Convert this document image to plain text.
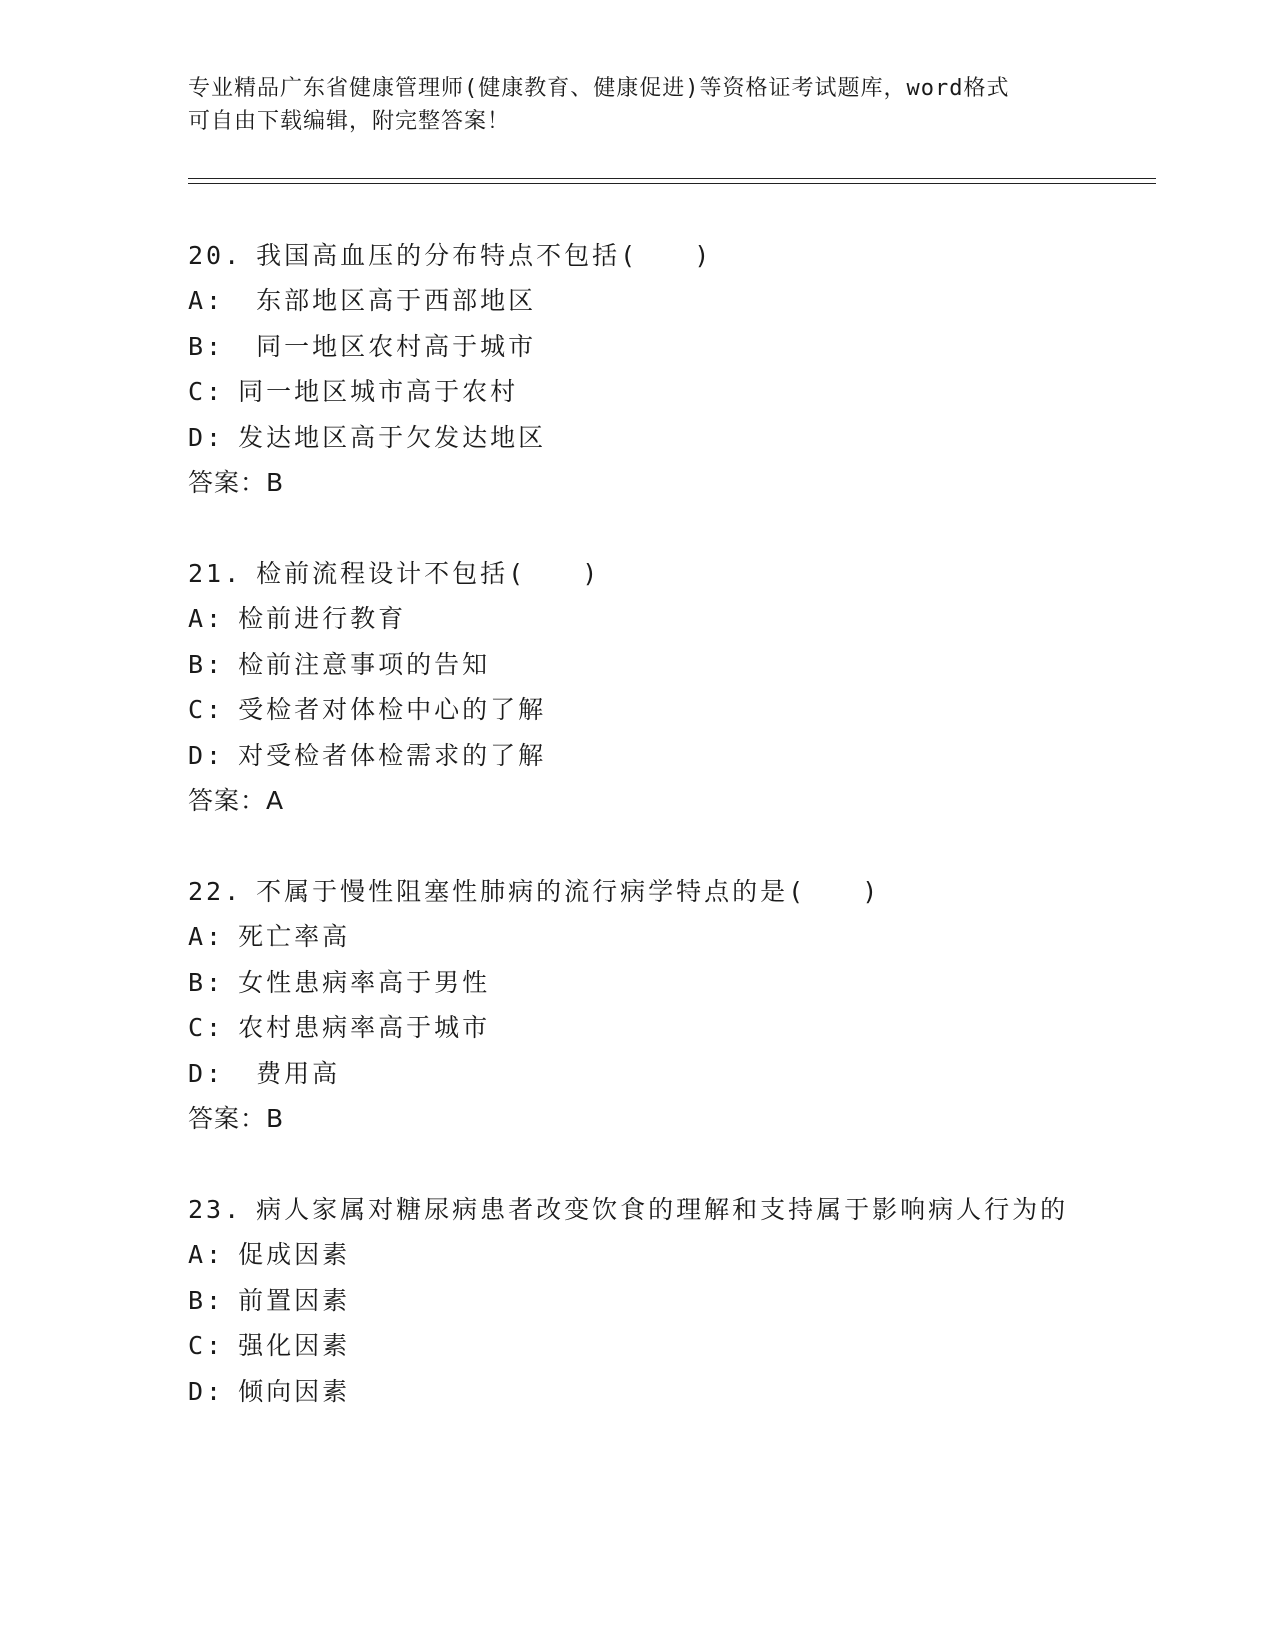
专业精品广东省健康管理师(健康教育、健康促进)等资格证考试题库，word格式
可自由下载编辑，附完整答案！
20. 我国高血压的分布特点不包括(　　)
A: 东部地区高于西部地区
B: 同一地区农村高于城市
C: 同一地区城市高于农村
D: 发达地区高于欠发达地区
答案：B
21. 检前流程设计不包括(　　)
A: 检前进行教育
B: 检前注意事项的告知
C: 受检者对体检中心的了解
D: 对受检者体检需求的了解
答案：A
22. 不属于慢性阻塞性肺病的流行病学特点的是(　　)
A: 死亡率高
B: 女性患病率高于男性
C: 农村患病率高于城市
D: 费用高
答案：B
23. 病人家属对糖尿病患者改变饮食的理解和支持属于影响病人行为的
A: 促成因素
B: 前置因素
C: 强化因素
D: 倾向因素
